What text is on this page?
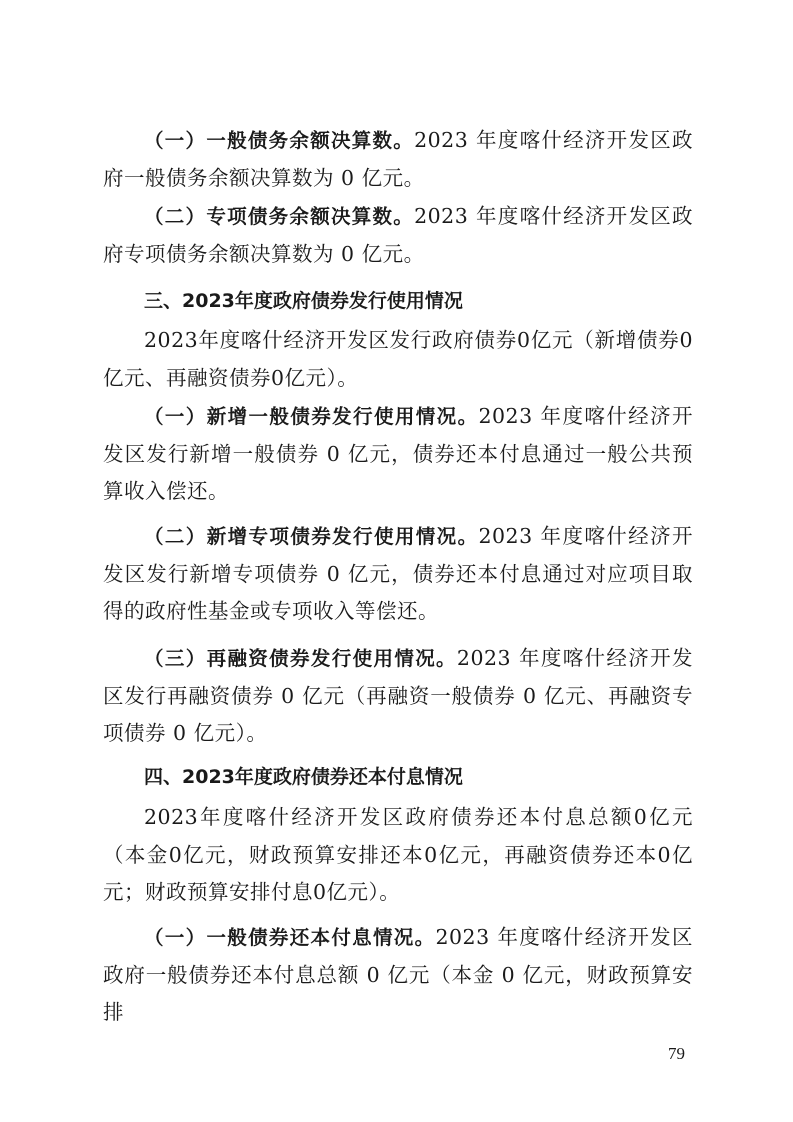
（一）一般债务余额决算数。2023 年度喀什经济开发区政府一般债务余额决算数为 0 亿元。

（二）专项债务余额决算数。2023 年度喀什经济开发区政府专项债务余额决算数为 0 亿元。

三、2023年度政府债券发行使用情况

2023年度喀什经济开发区发行政府债券0亿元（新增债券0亿元、再融资债券0亿元）。

（一）新增一般债券发行使用情况。2023 年度喀什经济开发区发行新增一般债券 0 亿元，债券还本付息通过一般公共预算收入偿还。

（二）新增专项债券发行使用情况。2023 年度喀什经济开发区发行新增专项债券 0 亿元，债券还本付息通过对应项目取得的政府性基金或专项收入等偿还。

（三）再融资债券发行使用情况。2023 年度喀什经济开发区发行再融资债券 0 亿元（再融资一般债券 0 亿元、再融资专项债券 0 亿元）。

四、2023年度政府债券还本付息情况

2023年度喀什经济开发区政府债券还本付息总额0亿元（本金0亿元，财政预算安排还本0亿元，再融资债券还本0亿元；财政预算安排付息0亿元）。

（一）一般债券还本付息情况。2023 年度喀什经济开发区政府一般债券还本付息总额 0 亿元（本金 0 亿元，财政预算安排

79
